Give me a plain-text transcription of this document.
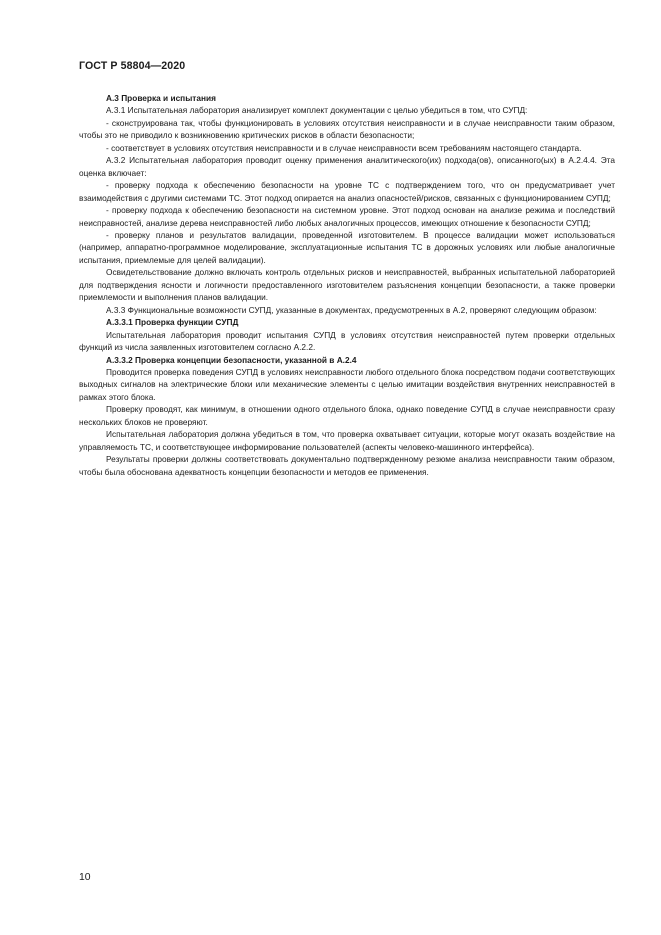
ГОСТ Р 58804—2020

А.3 Проверка и испытания

А.3.1 Испытательная лаборатория анализирует комплект документации с целью убедиться в том, что СУПД:

- сконструирована так, чтобы функционировать в условиях отсутствия неисправности и в случае неисправности таким образом, чтобы это не приводило к возникновению критических рисков в области безопасности;

- соответствует в условиях отсутствия неисправности и в случае неисправности всем требованиям настоящего стандарта.

А.3.2 Испытательная лаборатория проводит оценку применения аналитического(их) подхода(ов), описанного(ых) в А.2.4.4. Эта оценка включает:

- проверку подхода к обеспечению безопасности на уровне ТС с подтверждением того, что он предусматривает учет взаимодействия с другими системами ТС. Этот подход опирается на анализ опасностей/рисков, связанных с функционированием СУПД;

- проверку подхода к обеспечению безопасности на системном уровне. Этот подход основан на анализе режима и последствий неисправностей, анализе дерева неисправностей либо любых аналогичных процессов, имеющих отношение к безопасности СУПД;

- проверку планов и результатов валидации, проведенной изготовителем. В процессе валидации может использоваться (например, аппаратно-программное моделирование, эксплуатационные испытания ТС в дорожных условиях или любые аналогичные испытания, приемлемые для целей валидации).

Освидетельствование должно включать контроль отдельных рисков и неисправностей, выбранных испытательной лабораторией для подтверждения ясности и логичности предоставленного изготовителем разъяснения концепции безопасности, а также проверки приемлемости и выполнения планов валидации.

А.3.3 Функциональные возможности СУПД, указанные в документах, предусмотренных в А.2, проверяют следующим образом:

А.3.3.1 Проверка функции СУПД

Испытательная лаборатория проводит испытания СУПД в условиях отсутствия неисправностей путем проверки отдельных функций из числа заявленных изготовителем согласно А.2.2.

А.3.3.2 Проверка концепции безопасности, указанной в А.2.4

Проводится проверка поведения СУПД в условиях неисправности любого отдельного блока посредством подачи соответствующих выходных сигналов на электрические блоки или механические элементы с целью имитации воздействия внутренних неисправностей в рамках этого блока.

Проверку проводят, как минимум, в отношении одного отдельного блока, однако поведение СУПД в случае неисправности сразу нескольких блоков не проверяют.

Испытательная лаборатория должна убедиться в том, что проверка охватывает ситуации, которые могут оказать воздействие на управляемость ТС, и соответствующее информирование пользователей (аспекты человеко-машинного интерфейса).

Результаты проверки должны соответствовать документально подтвержденному резюме анализа неисправности таким образом, чтобы была обоснована адекватность концепции безопасности и методов ее применения.

10
